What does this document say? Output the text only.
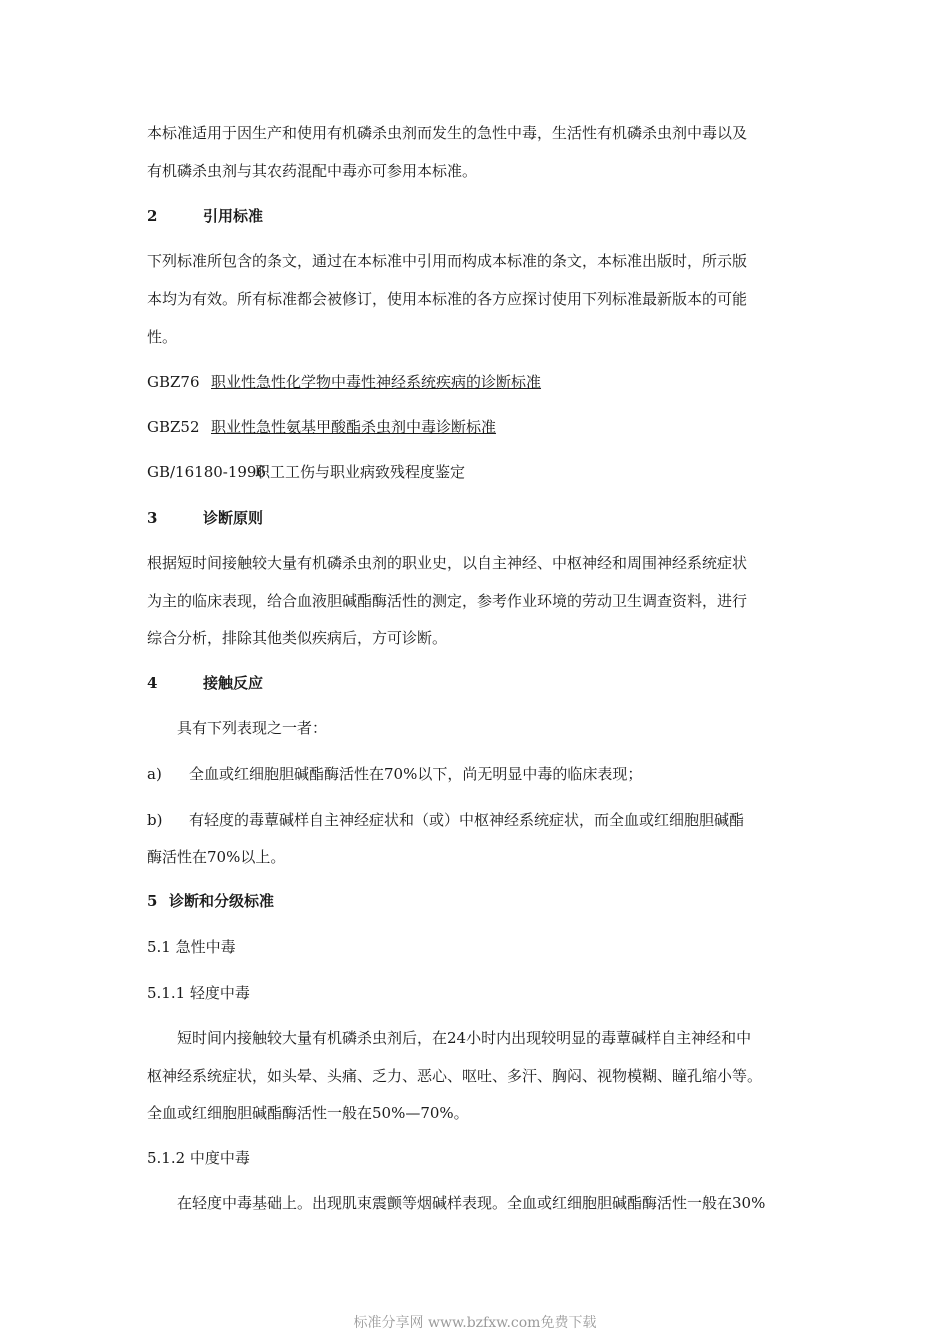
本标准适用于因生产和使用有机磷杀虫剂而发生的急性中毒，生活性有机磷杀虫剂中毒以及
有机磷杀虫剂与其农药混配中毒亦可参用本标准。
2	引用标准
下列标准所包含的条文，通过在本标准中引用而构成本标准的条文，本标准出版时，所示版
本均为有效。所有标准都会被修订，使用本标准的各方应探讨使用下列标准最新版本的可能
性。
GBZ76 职业性急性化学物中毒性神经系统疾病的诊断标准
GBZ52 职业性急性氨基甲酸酯杀虫剂中毒诊断标准
GB/16180-1996职工工伤与职业病致残程度鉴定
3	诊断原则
根据短时间接触较大量有机磷杀虫剂的职业史，以自主神经、中枢神经和周围神经系统症状
为主的临床表现，给合血液胆碱酯酶活性的测定，参考作业环境的劳动卫生调查资料，进行
综合分析，排除其他类似疾病后，方可诊断。
4	接触反应
具有下列表现之一者：
a) 全血或红细胞胆碱酯酶活性在70%以下，尚无明显中毒的临床表现；
b) 有轻度的毒蕈碱样自主神经症状和（或）中枢神经系统症状，而全血或红细胞胆碱酯
酶活性在70%以上。
5 诊断和分级标准
5.1 急性中毒
5.1.1 轻度中毒
短时间内接触较大量有机磷杀虫剂后，在24小时内出现较明显的毒蕈碱样自主神经和中
枢神经系统症状，如头晕、头痛、乏力、恶心、呕吐、多汗、胸闷、视物模糊、瞳孔缩小等。
全血或红细胞胆碱酯酶活性一般在50%—70%。
5.1.2 中度中毒
在轻度中毒基础上。出现肌束震颤等烟碱样表现。全血或红细胞胆碱酯酶活性一般在30%
标准分享网 www.bzfxw.com免费下载
